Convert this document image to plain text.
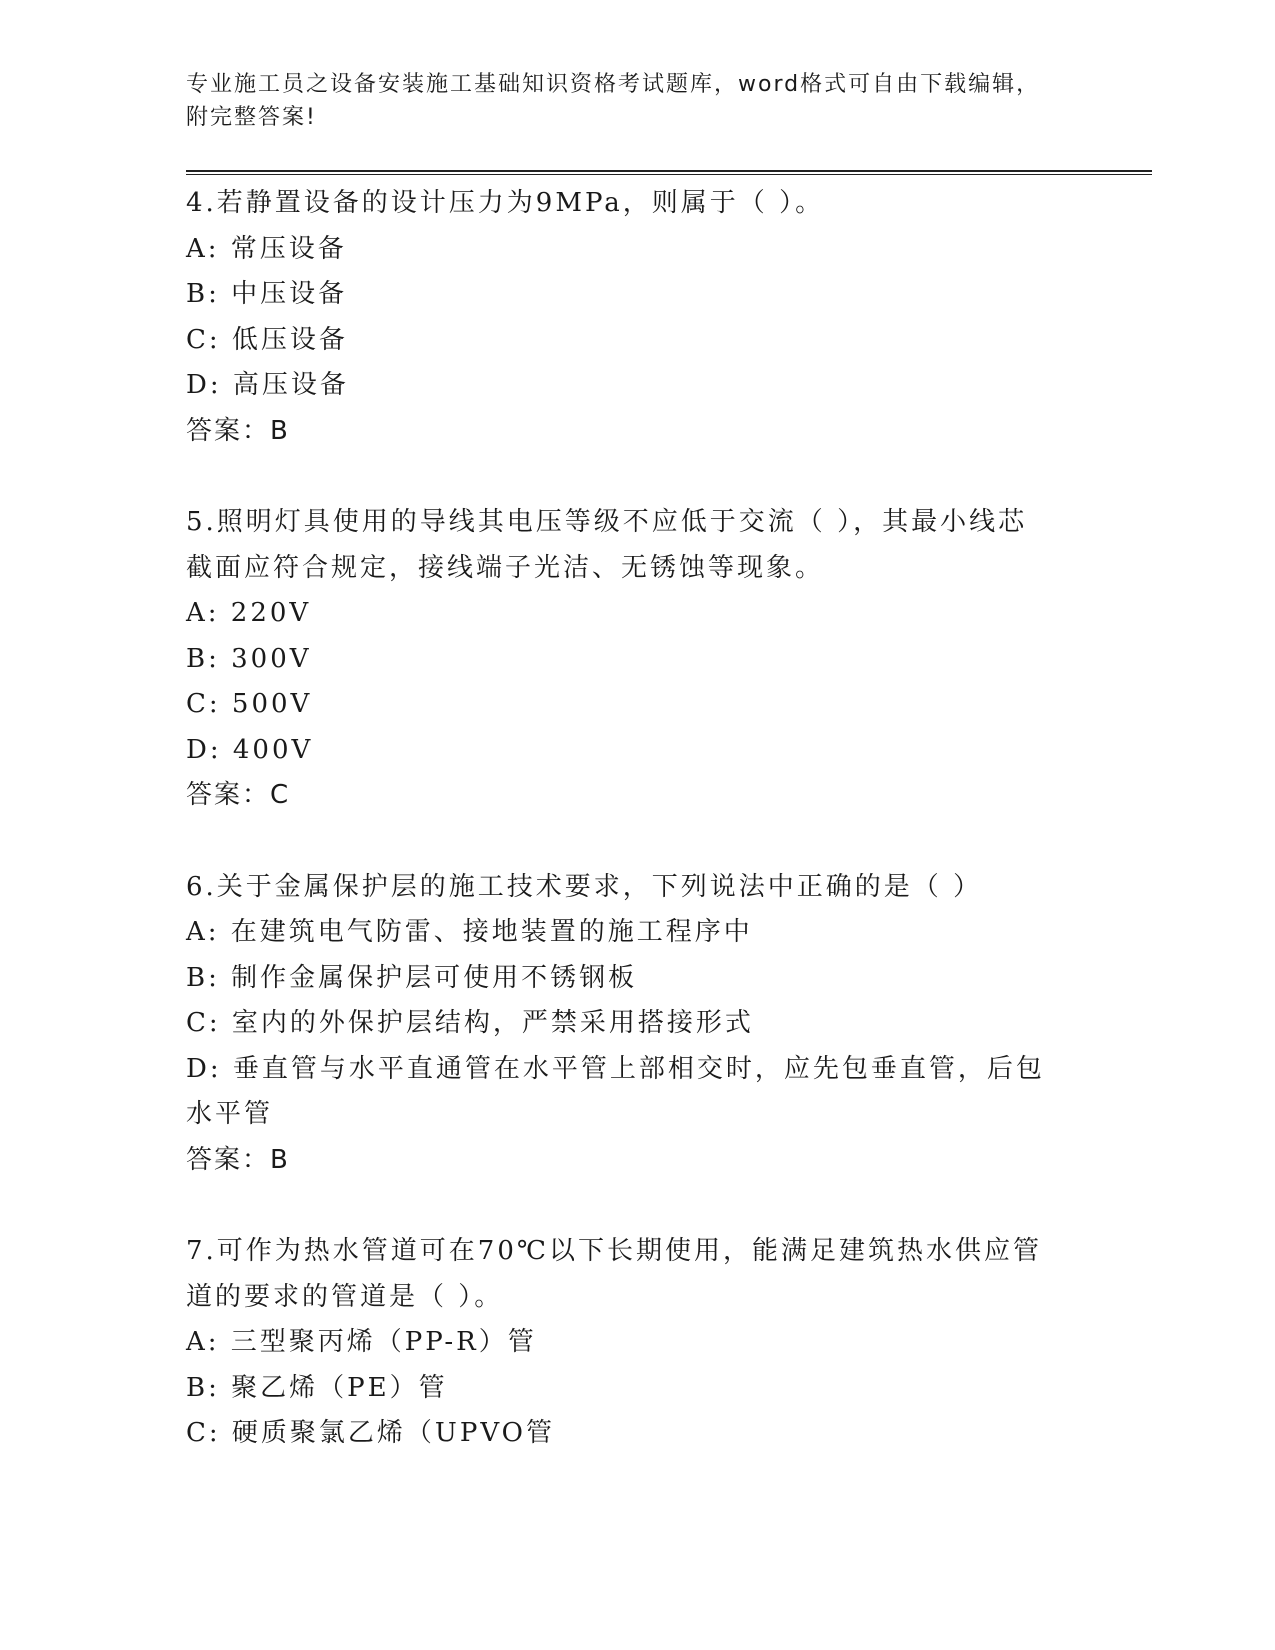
专业施工员之设备安装施工基础知识资格考试题库，word格式可自由下载编辑，
附完整答案!

4.若静置设备的设计压力为9MPa，则属于（ ）。

A: 常压设备

B: 中压设备

C: 低压设备

D: 高压设备

答案：B

5.照明灯具使用的导线其电压等级不应低于交流（ ），其最小线芯截面应符合规定，接线端子光洁、无锈蚀等现象。

A: 220V

B: 300V

C: 500V

D: 400V

答案：C

6.关于金属保护层的施工技术要求，下列说法中正确的是（ ）

A: 在建筑电气防雷、接地装置的施工程序中

B: 制作金属保护层可使用不锈钢板

C: 室内的外保护层结构，严禁采用搭接形式

D: 垂直管与水平直通管在水平管上部相交时，应先包垂直管，后包水平管

答案：B

7.可作为热水管道可在70℃以下长期使用，能满足建筑热水供应管道的要求的管道是（ ）。

A: 三型聚丙烯（PP-R）管

B: 聚乙烯（PE）管

C: 硬质聚氯乙烯（UPVO管
